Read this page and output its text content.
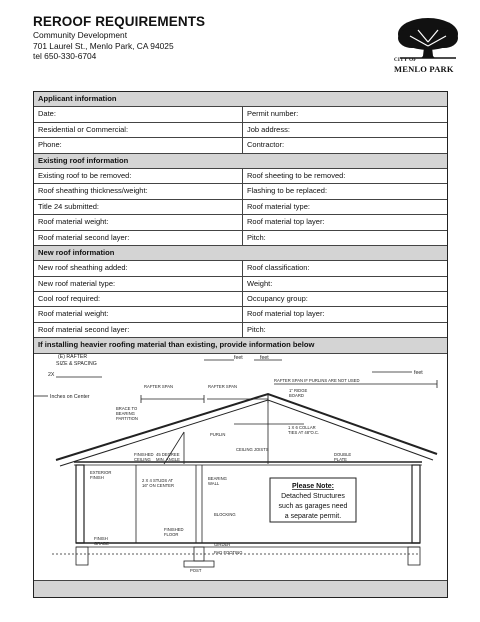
REROOF REQUIREMENTS
Community Development
701 Laurel St., Menlo Park, CA 94025
tel 650-330-6704	CITY OF
MENLO PARK
Applicant information
Date:	Permit number:
Residential or Commercial:	Job address:
Phone:	Contractor:
Existing roof information
Existing roof to be removed:	Roof sheeting to be removed:
Roof sheathing thickness/weight:	Flashing to be replaced:
Title 24 submitted:	Roof material type:
Roof material weight:	Roof material top layer:
Roof material second layer:	Pitch:
New roof information
New roof sheathing added:	Roof classification:
New roof material type:	Weight:
Cool roof required:	Occupancy group:
Roof material weight:	Roof material top layer:
Roof material second layer:	Pitch:
If installing heavier roofing material than existing, provide information below
(E) RAFTER
SIZE & SPACING
feet	feet
feet
2X
Inches on Center
RAFTER SPAN	RAFTER SPAN
RAFTER SPAN IF PURLINS ARE NOT USED
1" RIDGE
BOARD
BRACE TO
BEARING
PARTITION
PURLIN
1 X 6 COLLAR
TIES AT 48"O.C.
CEILING JOISTS
FINISHED
CEILING
45 DEGREE
MIN. ANGLE
DOUBLE
PLATE
EXTERIOR
FINISH
2 X 4 STUDS AT
16" ON CENTER
BEARING
WALL
BLOCKING
FINISHED
FLOOR
GIRDER
PAD FOOTING
FINISH
GRADE
POST
Please Note:
Detached Structures
such as garages need
a separate permit.
